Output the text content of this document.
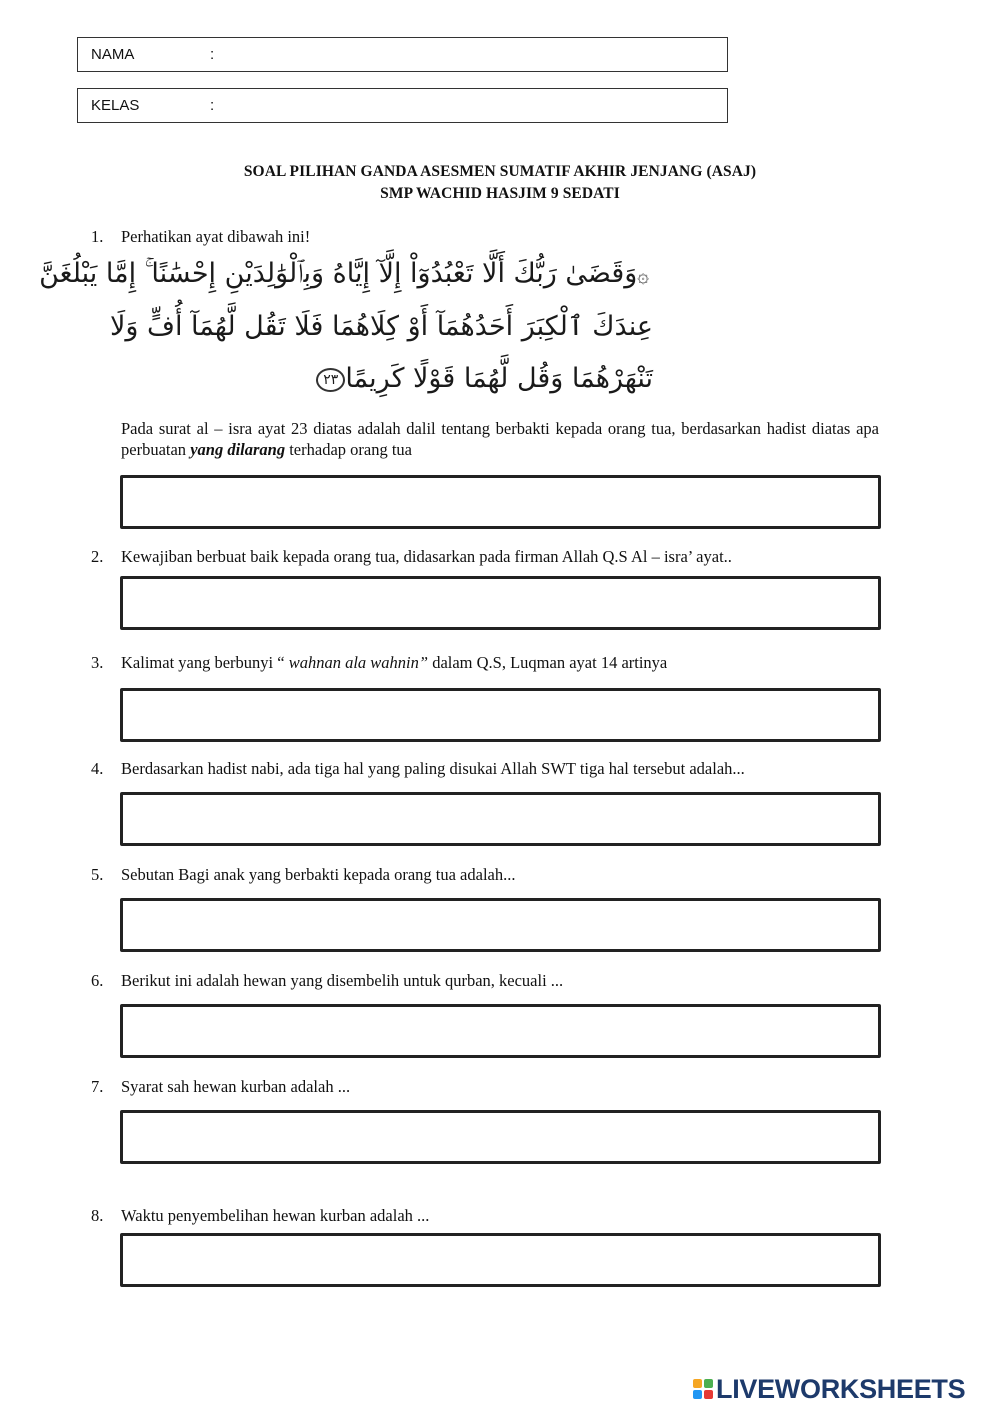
NAMA	:
KELAS	:
SOAL PILIHAN GANDA ASESMEN SUMATIF AKHIR JENJANG (ASAJ)
SMP WACHID HASJIM 9 SEDATI
1. Perhatikan ayat dibawah ini!
۞وَقَضَىٰ رَبُّكَ أَلَّا تَعْبُدُوٓاْ إِلَّآ إِيَّاهُ وَبِٱلْوَٰلِدَيْنِ إِحْسَٰنًا ۚ إِمَّا يَبْلُغَنَّ
عِندَكَ ٱلْكِبَرَ أَحَدُهُمَآ أَوْ كِلَاهُمَا فَلَا تَقُل لَّهُمَآ أُفٍّ وَلَا
تَنْهَرْهُمَا وَقُل لَّهُمَا قَوْلًا كَرِيمًا٢٣
Pada surat al – isra ayat 23 diatas adalah dalil tentang berbakti kepada orang tua, berdasarkan hadist diatas apa perbuatan yang dilarang terhadap orang tua
2. Kewajiban berbuat baik kepada orang tua, didasarkan pada firman Allah Q.S Al – isra’ ayat..
3. Kalimat yang berbunyi “ wahnan ala wahnin” dalam Q.S, Luqman ayat 14 artinya
4. Berdasarkan hadist nabi, ada tiga hal yang paling disukai Allah SWT tiga hal tersebut adalah...
5. Sebutan Bagi anak yang berbakti kepada orang tua adalah...
6. Berikut ini adalah hewan yang disembelih untuk qurban, kecuali ...
7. Syarat sah hewan kurban adalah ...
8. Waktu penyembelihan hewan kurban adalah ...
LIVEWORKSHEETS
